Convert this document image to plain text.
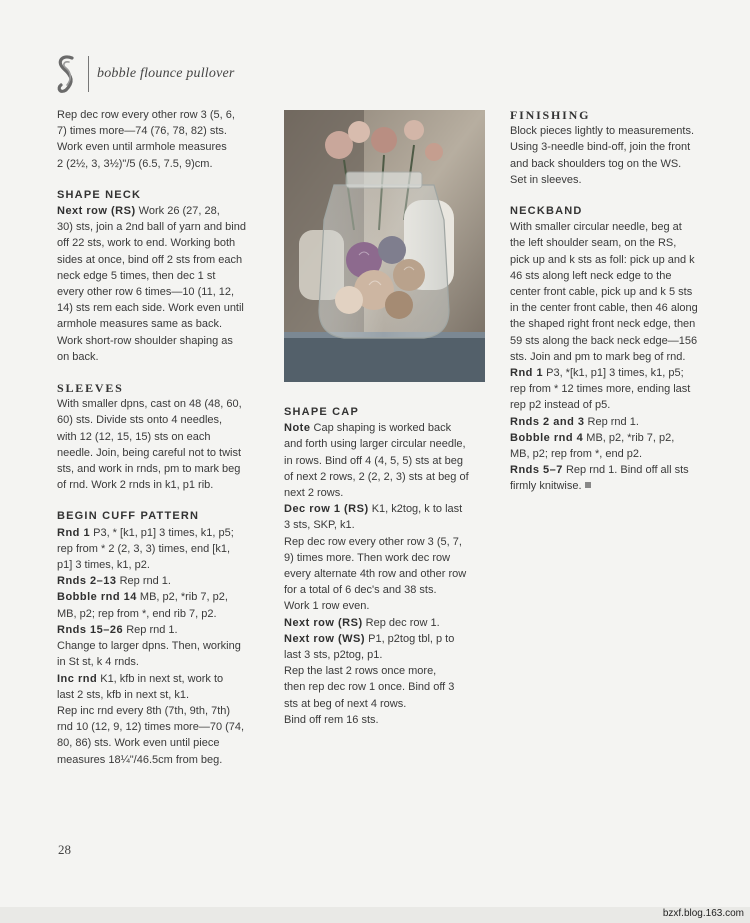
bobble flounce pullover

Rep dec row every other row 3 (5, 6,

7) times more—74 (76, 78, 82) sts.

Work even until armhole measures

2 (2½, 3, 3½)"/5 (6.5, 7.5, 9)cm.

SHAPE NECK

Next row (RS) Work 26 (27, 28,

30) sts, join a 2nd ball of yarn and bind

off 22 sts, work to end. Working both

sides at once, bind off 2 sts from each

neck edge 5 times, then dec 1 st

every other row 6 times—10 (11, 12,

14) sts rem each side. Work even until

armhole measures same as back.

Work short-row shoulder shaping as

on back.

SLEEVES

With smaller dpns, cast on 48 (48, 60,

60) sts. Divide sts onto 4 needles,

with 12 (12, 15, 15) sts on each

needle. Join, being careful not to twist

sts, and work in rnds, pm to mark beg

of rnd. Work 2 rnds in k1, p1 rib.

BEGIN CUFF PATTERN

Rnd 1 P3, * [k1, p1] 3 times, k1, p5;

rep from * 2 (2, 3, 3) times, end [k1,

p1] 3 times, k1, p2.

Rnds 2–13 Rep rnd 1.

Bobble rnd 14 MB, p2, *rib 7, p2,

MB, p2; rep from *, end rib 7, p2.

Rnds 15–26 Rep rnd 1.

Change to larger dpns. Then, working

in St st, k 4 rnds.

Inc rnd K1, kfb in next st, work to

last 2 sts, kfb in next st, k1.

Rep inc rnd every 8th (7th, 9th, 7th)

rnd 10 (12, 9, 12) times more—70 (74,

80, 86) sts. Work even until piece

measures 18¼"/46.5cm from beg.

SHAPE CAP

Note Cap shaping is worked back

and forth using larger circular needle,

in rows. Bind off 4 (4, 5, 5) sts at beg

of next 2 rows, 2 (2, 2, 3) sts at beg of

next 2 rows.

Dec row 1 (RS) K1, k2tog, k to last

3 sts, SKP, k1.

Rep dec row every other row 3 (5, 7,

9) times more. Then work dec row

every alternate 4th row and other row

for a total of 6 dec's and 38 sts.

Work 1 row even.

Next row (RS) Rep dec row 1.

Next row (WS) P1, p2tog tbl, p to

last 3 sts, p2tog, p1.

Rep the last 2 rows once more,

then rep dec row 1 once. Bind off 3

sts at beg of next 4 rows.

Bind off rem 16 sts.

FINISHING

Block pieces lightly to measurements.

Using 3-needle bind-off, join the front

and back shoulders tog on the WS.

Set in sleeves.

NECKBAND

With smaller circular needle, beg at

the left shoulder seam, on the RS,

pick up and k sts as foll: pick up and k

46 sts along left neck edge to the

center front cable, pick up and k 5 sts

in the center front cable, then 46 along

the shaped right front neck edge, then

59 sts along the back neck edge—156

sts. Join and pm to mark beg of rnd.

Rnd 1 P3, *[k1, p1] 3 times, k1, p5;

rep from * 12 times more, ending last

rep p2 instead of p5.

Rnds 2 and 3 Rep rnd 1.

Bobble rnd 4 MB, p2, *rib 7, p2,

MB, p2; rep from *, end p2.

Rnds 5–7 Rep rnd 1. Bind off all sts

firmly knitwise.

28
bzxf.blog.163.com
